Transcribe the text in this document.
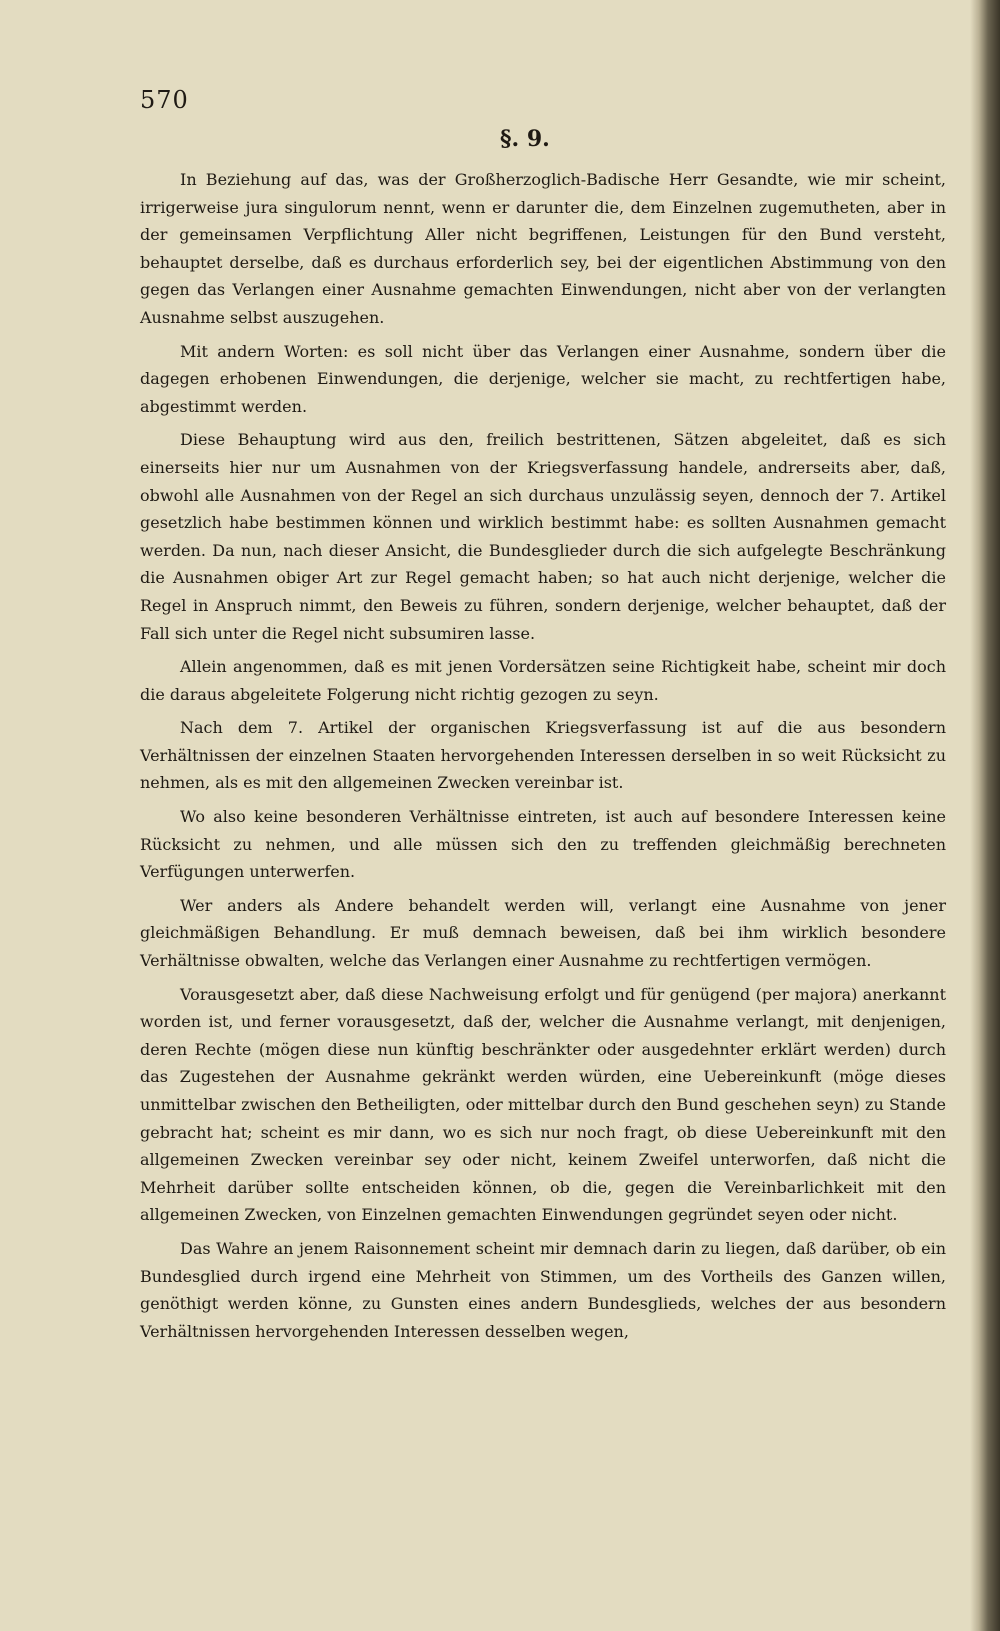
570
§. 9.

In Beziehung auf das, was der Großherzoglich-Badische Herr Gesandte, wie mir scheint, irrigerweise jura singulorum nennt, wenn er darunter die, dem Einzelnen zugemutheten, aber in der gemeinsamen Verpflichtung Aller nicht begriffenen, Leistungen für den Bund versteht, behauptet derselbe, daß es durchaus erforderlich sey, bei der eigentlichen Abstimmung von den gegen das Verlangen einer Ausnahme gemachten Einwendungen, nicht aber von der verlangten Ausnahme selbst auszugehen.

Mit andern Worten: es soll nicht über das Verlangen einer Ausnahme, sondern über die dagegen erhobenen Einwendungen, die derjenige, welcher sie macht, zu rechtfertigen habe, abgestimmt werden.

Diese Behauptung wird aus den, freilich bestrittenen, Sätzen abgeleitet, daß es sich einerseits hier nur um Ausnahmen von der Kriegsverfassung handele, andrerseits aber, daß, obwohl alle Ausnahmen von der Regel an sich durchaus unzulässig seyen, dennoch der 7. Artikel gesetzlich habe bestimmen können und wirklich bestimmt habe: es sollten Ausnahmen gemacht werden. Da nun, nach dieser Ansicht, die Bundesglieder durch die sich aufgelegte Beschränkung die Ausnahmen obiger Art zur Regel gemacht haben; so hat auch nicht derjenige, welcher die Regel in Anspruch nimmt, den Beweis zu führen, sondern derjenige, welcher behauptet, daß der Fall sich unter die Regel nicht subsumiren lasse.

Allein angenommen, daß es mit jenen Vordersätzen seine Richtigkeit habe, scheint mir doch die daraus abgeleitete Folgerung nicht richtig gezogen zu seyn.

Nach dem 7. Artikel der organischen Kriegsverfassung ist auf die aus besondern Verhältnissen der einzelnen Staaten hervorgehenden Interessen derselben in so weit Rücksicht zu nehmen, als es mit den allgemeinen Zwecken vereinbar ist.

Wo also keine besonderen Verhältnisse eintreten, ist auch auf besondere Interessen keine Rücksicht zu nehmen, und alle müssen sich den zu treffenden gleichmäßig berechneten Verfügungen unterwerfen.

Wer anders als Andere behandelt werden will, verlangt eine Ausnahme von jener gleichmäßigen Behandlung. Er muß demnach beweisen, daß bei ihm wirklich besondere Verhältnisse obwalten, welche das Verlangen einer Ausnahme zu rechtfertigen vermögen.

Vorausgesetzt aber, daß diese Nachweisung erfolgt und für genügend (per majora) anerkannt worden ist, und ferner vorausgesetzt, daß der, welcher die Ausnahme verlangt, mit denjenigen, deren Rechte (mögen diese nun künftig beschränkter oder ausgedehnter erklärt werden) durch das Zugestehen der Ausnahme gekränkt werden würden, eine Uebereinkunft (möge dieses unmittelbar zwischen den Betheiligten, oder mittelbar durch den Bund geschehen seyn) zu Stande gebracht hat; scheint es mir dann, wo es sich nur noch fragt, ob diese Uebereinkunft mit den allgemeinen Zwecken vereinbar sey oder nicht, keinem Zweifel unterworfen, daß nicht die Mehrheit darüber sollte entscheiden können, ob die, gegen die Vereinbarlichkeit mit den allgemeinen Zwecken, von Einzelnen gemachten Einwendungen gegründet seyen oder nicht.

Das Wahre an jenem Raisonnement scheint mir demnach darin zu liegen, daß darüber, ob ein Bundesglied durch irgend eine Mehrheit von Stimmen, um des Vortheils des Ganzen willen, genöthigt werden könne, zu Gunsten eines andern Bundesglieds, welches der aus besondern Verhältnissen hervorgehenden Interessen desselben wegen,
